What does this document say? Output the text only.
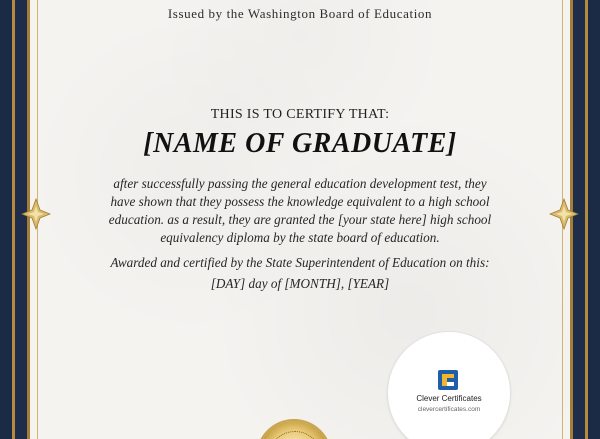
Issued by the Washington Board of Education
THIS IS TO CERTIFY THAT:
[NAME OF GRADUATE]
after successfully passing the general education development test, they
have shown that they possess the knowledge equivalent to a high school
education. as a result, they are granted the [your state here] high school
equivalency diploma by the state board of education.
Awarded and certified by the State Superintendent of Education on this:
[DAY] day of [MONTH], [YEAR]
Clever Certificates
clevercertificates.com
